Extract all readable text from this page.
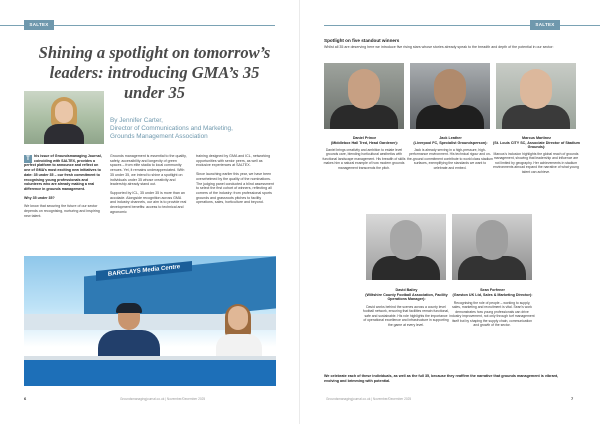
SALTEX
Shining a spotlight on tomorrow’s leaders: introducing GMA’s 35 under 35
By Jennifer Carter,
Director of Communications and Marketing,
Grounds Management Association

T	his issue of Groundsmanaging Journal, coinciding with SALTEX, provides a perfect platform to announce and reflect on one of GMA’s most exciting new initiatives to date: 35 under 35 – our fresh commitment to recognising young professionals and volunteers who are already making a real difference in grounds management.

Why 35 under 35?

We know that securing the future of our sector depends on recognising, nurturing and inspiring new talent.

Grounds management is essential to the quality, safety, accessibility and longevity of green spaces – from elite stadia to local community venues. Yet, it remains underappreciated. With 35 under 35, we intend to shine a spotlight on individuals under 35 whose creativity and leadership already stand out.

Supported by ICL, 35 under 35 is more than an accolade. Alongside recognition across GMA and industry channels, our aim is to provide real development benefits: access to technical and agronomic

training designed by GMA and ICL, networking opportunities with senior peers, as well as exclusive experiences at SALTEX.

Since launching earlier this year, we have been overwhelmed by the quality of the nominations. The judging panel conducted a blind assessment to select the first cohort of winners, reflecting all corners of the industry: from professional sports grounds and grassroots pitches to facility operations, sales, horticulture and beyond.

BARCLAYS Media Centre
6	Groundsmanagingjournal.co.uk | November/December 2025
SALTEX
Spotlight on five standout winners
Whilst all 35 are deserving here we introduce five rising stars whose stories already speak to the breadth and depth of the potential in our sector:
Daniel Prince
(Middlebox Hall Tred, Head Gardener):
Daniel brings creativity and ambition to estate level grounds care, blending horticultural aesthetics with functional landscape management. His breadth of skills makes him a natural example of how modern grounds management transcends the pitch.
Jack Leather
(Liverpool FC, Specialist Groundsperson):
Jack is already serving in a high-pressure, high-performance environment. His technical rigour and on-the-ground commitment contribute to world class stadium surfaces, exemplifying the standards we want to celebrate and embed.
Marcus Martinez
(St. Louis CITY SC, Associate Director of Stadium Grounds):
Marcus’s inclusion highlights the global reach of grounds management, showing that leadership and influence are not limited by geography. Her achievements in stadium environments abroad expand the narrative of what young talent can achieve.
David Bailey
(Wiltshire County Football Association, Facility Operations Manager):
David works behind the scenes across a county level football network, ensuring that facilities remain functional, safe and sustainable. His role highlights the importance of operational excellence and infrastructure in supporting the game at every level.
Sean Forfener
(Garston UK Ltd, Sales & Marketing Director):
Recognising the role of people – working to supply, sales, marketing and recruitment is vital. Sean’s work demonstrates how young professionals can drive industry improvement, not only through turf management itself but by shaping the supply chain, communication and growth of the sector.
We celebrate each of these individuals, as well as the full 35, because they reaffirm the narrative that grounds management is vibrant, evolving and brimming with potential.
Groundsmanagingjournal.co.uk | November/December 2025	7
